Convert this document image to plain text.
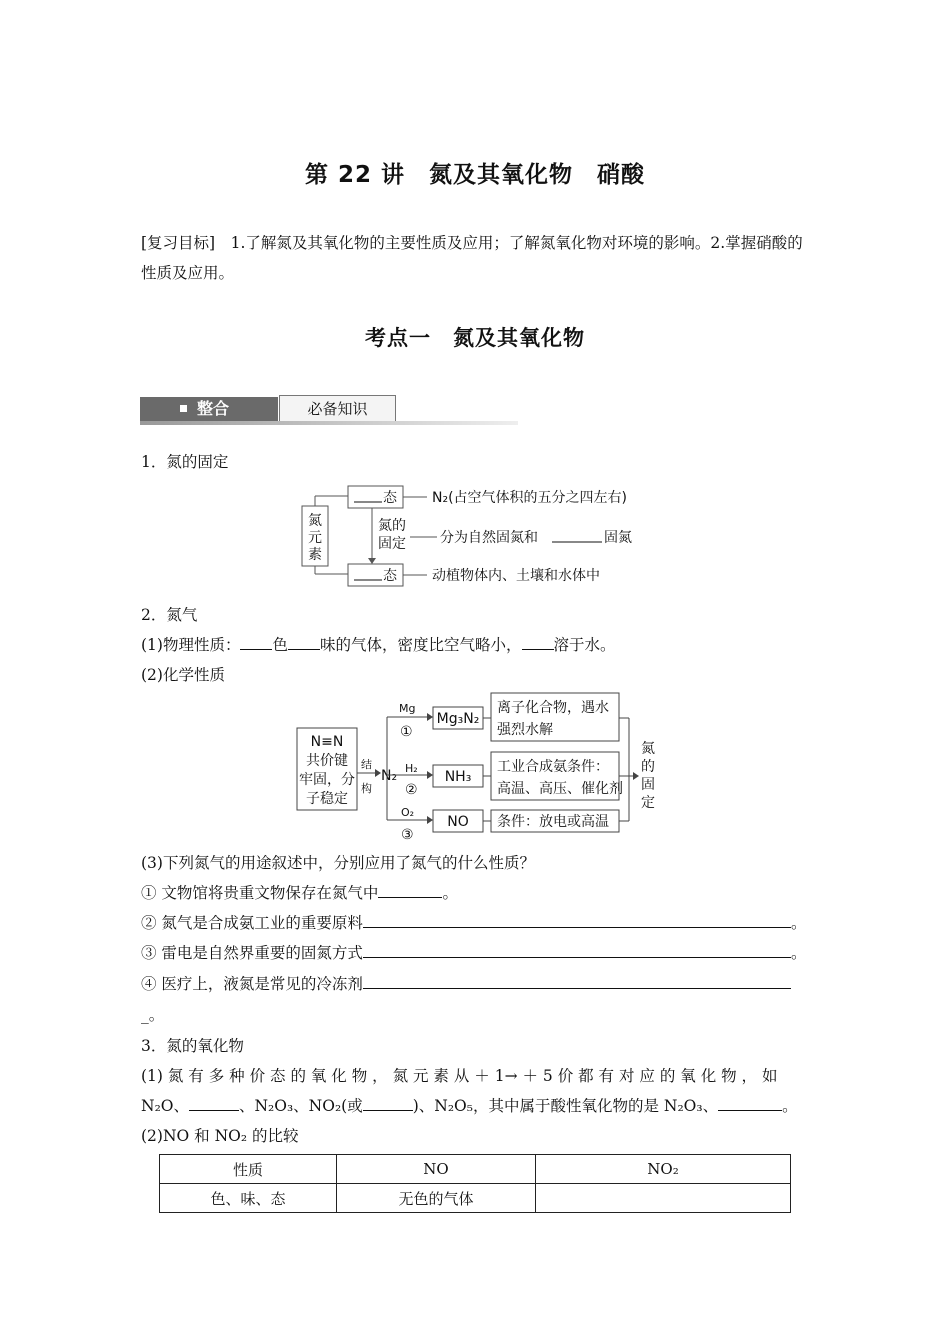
第 22 讲　氮及其氧化物　硝酸
[复习目标]　 1.了解氮及其氧化物的主要性质及应用；了解氮氧化物对环境的影响。2.掌握硝酸的性质及应用。
考点一　氮及其氧化物
整合	必备知识
1．氮的固定
氮
元
素
态
态
氮的
固定
N₂(占空气体积的五分之四左右)
分为自然固氮和	固氮
动植物体内、土壤和水体中
2．氮气
(1)物理性质： 色 味的气体，密度比空气略小， 溶于水。
(2)化学性质
N≡N
共价键
牢固，分
子稳定
结
构
N₂
Mg
①
H₂
②
O₂
③
Mg₃N₂
NH₃
NO
离子化合物，遇水
强烈水解
工业合成氨条件：
高温、高压、催化剂
条件：放电或高温
氮
的
固
定
(3)下列氮气的用途叙述中，分别应用了氮气的什么性质？
① 文物馆将贵重文物保存在氮气中	。
② 氮气是合成氨工业的重要原料	。
③ 雷电是自然界重要的固氮方式	。
④ 医疗上，液氮是常见的冷冻剂
_。
3．氮的氧化物
(1) 氮 有 多 种 价 态 的 氧 化 物 ， 氮 元 素 从 ＋ 1→ ＋ 5 价 都 有 对 应 的 氧 化 物 ， 如
N₂O、	、N₂O₃、NO₂(或	)、N₂O₅，其中属于酸性氧化物的是 N₂O₃、	。
(2)NO 和 NO₂ 的比较
性质	NO	NO₂
色、味、态	无色的气体	
